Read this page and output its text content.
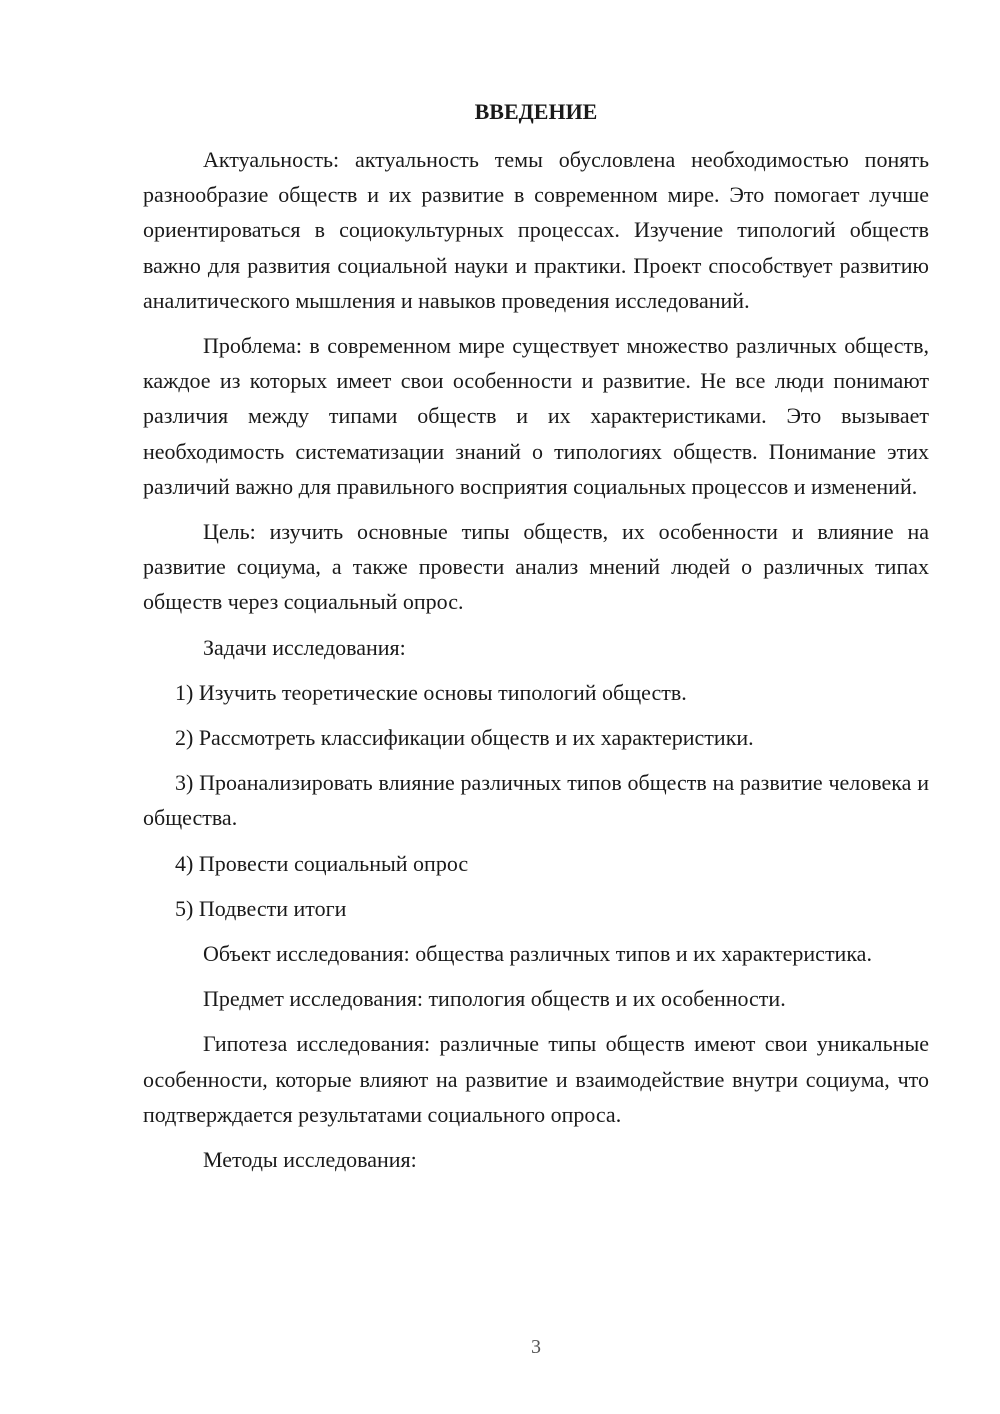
ВВЕДЕНИЕ

Актуальность: актуальность темы обусловлена необходимостью понять разнообразие обществ и их развитие в современном мире. Это помогает лучше ориентироваться в социокультурных процессах. Изучение типологий обществ важно для развития социальной науки и практики. Проект способствует развитию аналитического мышления и навыков проведения исследований.

Проблема: в современном мире существует множество различных обществ, каждое из которых имеет свои особенности и развитие. Не все люди понимают различия между типами обществ и их характеристиками. Это вызывает необходимость систематизации знаний о типологиях обществ. Понимание этих различий важно для правильного восприятия социальных процессов и изменений.

Цель: изучить основные типы обществ, их особенности и влияние на развитие социума, а также провести анализ мнений людей о различных типах обществ через социальный опрос.

Задачи исследования:

1) Изучить теоретические основы типологий обществ.

2) Рассмотреть классификации обществ и их характеристики.

3) Проанализировать влияние различных типов обществ на развитие человека и общества.

4) Провести социальный опрос

5) Подвести итоги

Объект исследования: общества различных типов и их характеристика.

Предмет исследования: типология обществ и их особенности.

Гипотеза исследования: различные типы обществ имеют свои уникальные особенности, которые влияют на развитие и взаимодействие внутри социума, что подтверждается результатами социального опроса.

Методы исследования:

3
